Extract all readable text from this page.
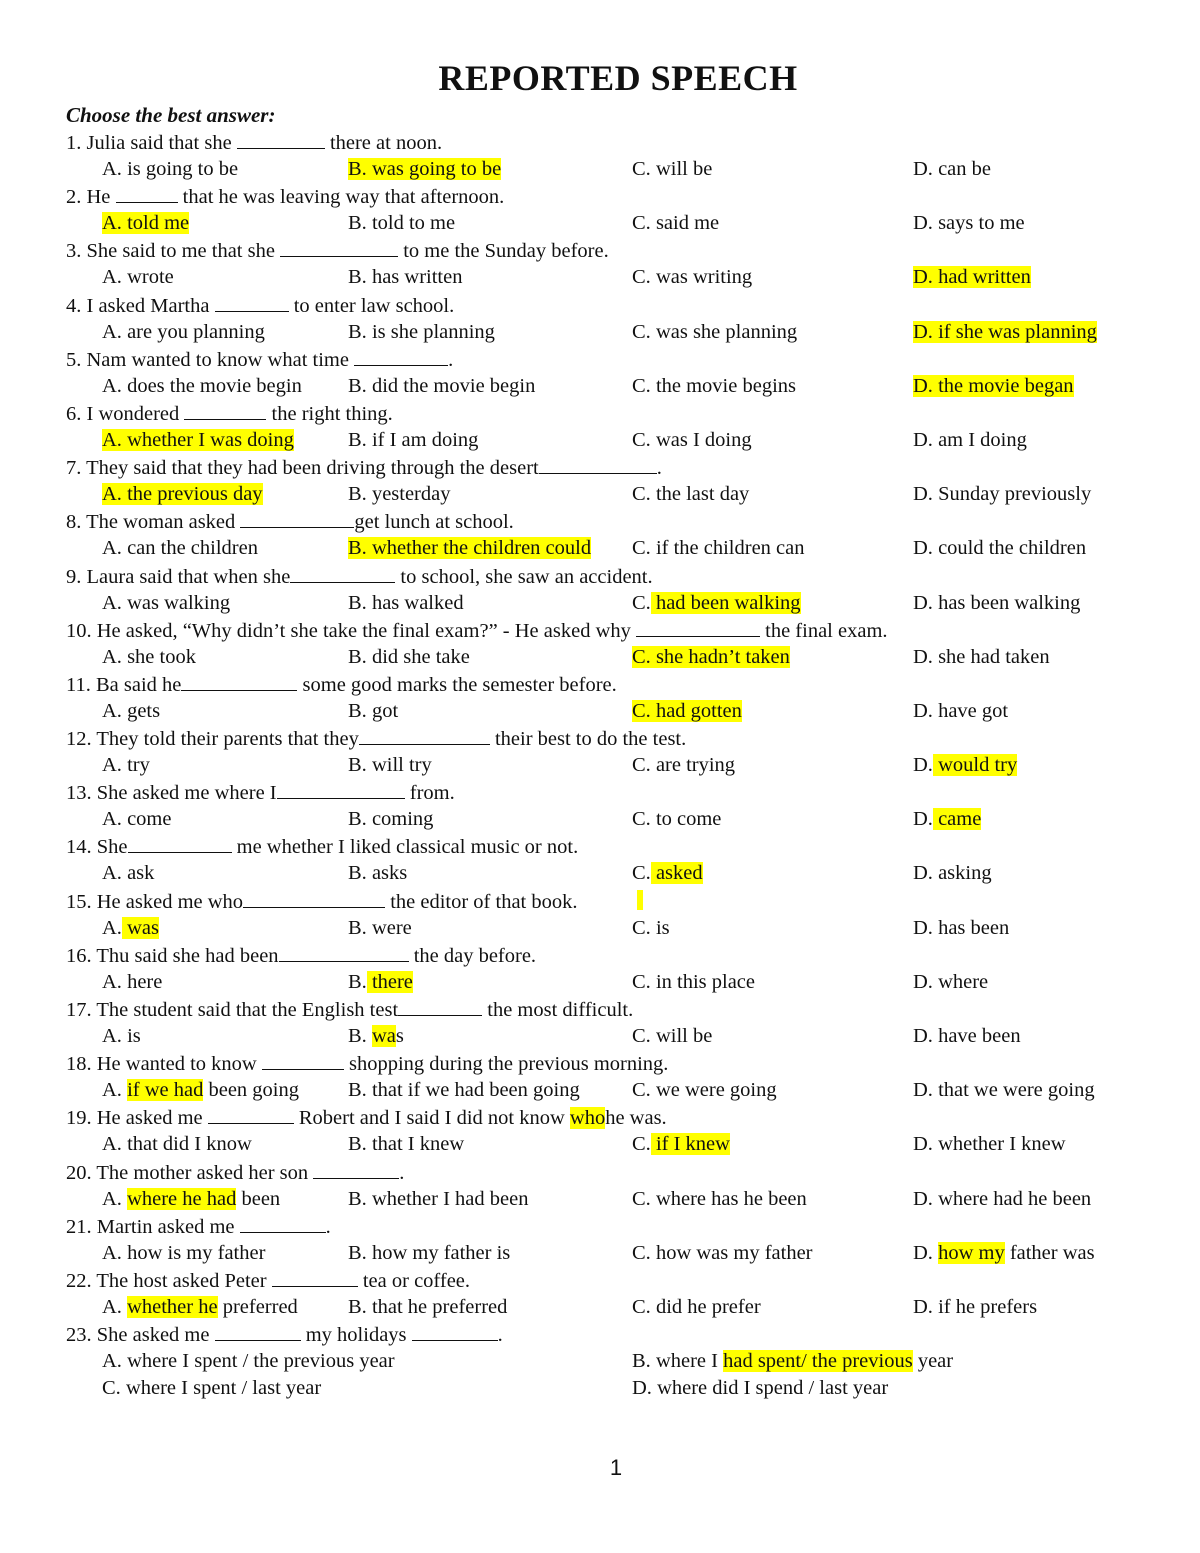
REPORTED SPEECH
Choose the best answer:
1. Julia said that she	there at noon.
A. is going to be	B. was going to be	C. will be	D. can be
2. He	that he was leaving way that afternoon.
A. told me	B. told to me	C. said me	D. says to me
3. She said to me that she	to me the Sunday before.
A. wrote	B. has written	C. was writing	D. had written
4. I asked Martha	to enter law school.
A. are you planning	B. is she planning	C. was she planning	D. if she was planning
5. Nam wanted to know what time	.
A. does the movie begin B. did the movie begin	C. the movie begins	D. the movie began
6. I wondered	the right thing.
A. whether I was doing	B. if I am doing	C. was I doing	D. am I doing
7. They said that they had been driving through the desert	.
A. the previous day	B. yesterday	C. the last day	D. Sunday previously
8. The woman asked	get lunch at school.
A. can the children	B. whether the children could C. if the children can	D. could the children
9. Laura said that when she	to school, she saw an accident.
A. was walking	B. has walked	C. had been walking	D. has been walking
10. He asked, “Why didn’t she take the final exam?” - He asked why	the final exam.
A. she took	B. did she take	C. she hadn’t taken	D. she had taken
11. Ba said he	some good marks the semester before.
A. gets	B. got	C. had gotten	D. have got
12. They told their parents that they	their best to do the test.
A. try	B. will try	C. are trying	D. would try
13. She asked me where I	from.
A. come	B. coming	C. to come	D. came
14. She	me whether I liked classical music or not.
A. ask	B. asks	C. asked	D. asking
15. He asked me who	the editor of that book.
A. was	B. were	C. is	D. has been
16. Thu said she had been	the day before.
A. here	B. there	C. in this place	D. where
17. The student said that the English test	the most difficult.
A. is	B. was	C. will be	D. have been
18. He wanted to know	shopping during the previous morning.
A. if we had been going B. that if we had been going	C. we were going	D. that we were going
19. He asked me	Robert and I said I did not know whohe was.
A. that did I know	B. that I knew	C. if I knew	D. whether I knew
20. The mother asked her son	.
A. where he had been	B. whether I had been	C. where has he been	D. where had he been
21. Martin asked me	.
A. how is my father	B. how my father is	C. how was my father	D. how my father was
22. The host asked Peter	tea or coffee.
A. whether he preferred B. that he preferred	C. did he prefer	D. if he prefers
23. She asked me	my holidays	.
A. where I spent / the previous year	B. where I had spent/ the previous year
C. where I spent / last year	D. where did I spend / last year
1
